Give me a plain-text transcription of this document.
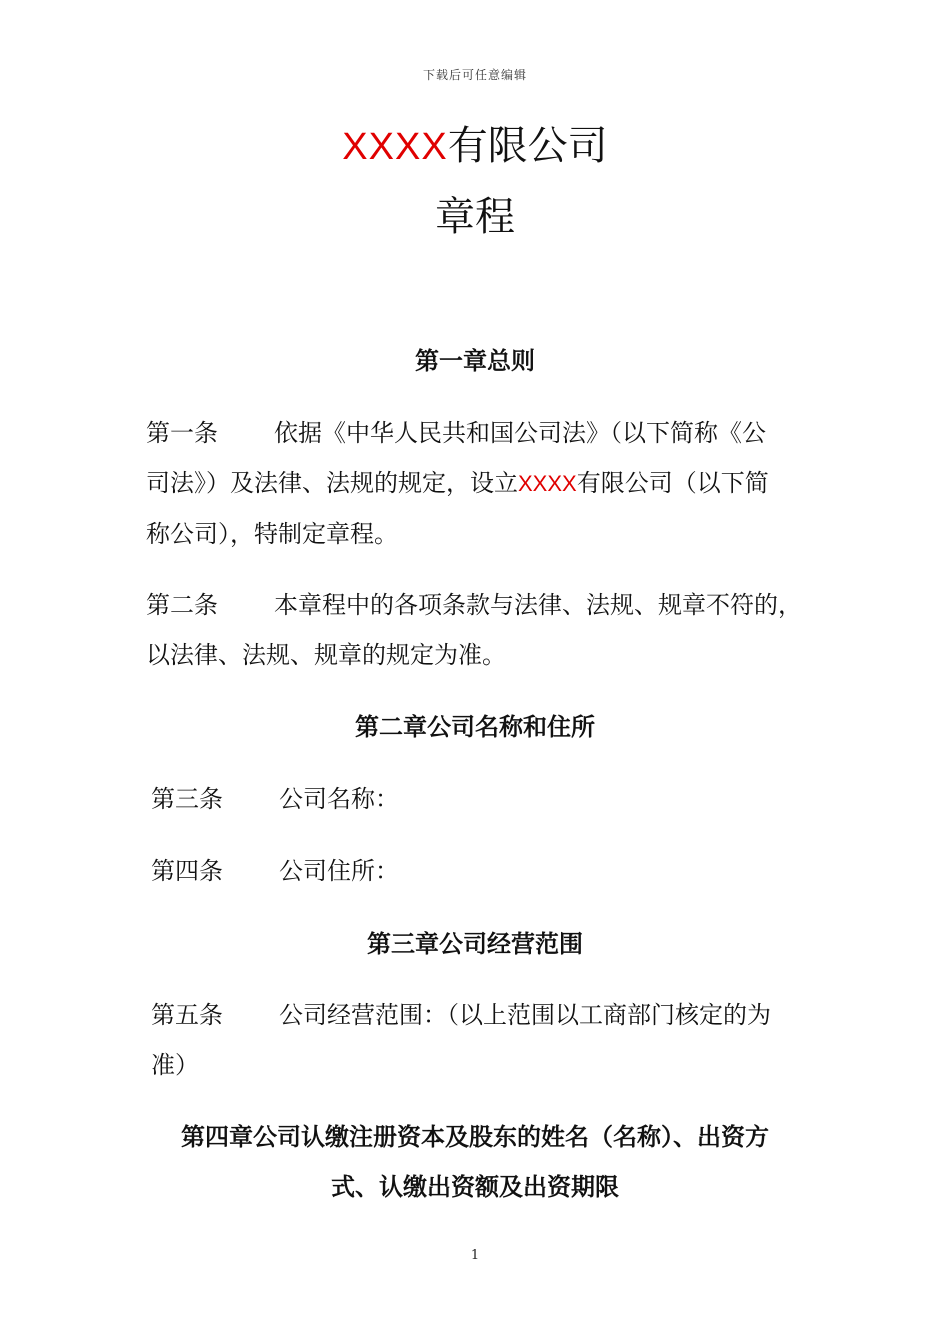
下载后可任意编辑
XXXX有限公司
章程
第一章总则
第一条 依据《中华人民共和国公司法》（以下简称《公
司法》）及法律、法规的规定，设立XXXX有限公司（以下简
称公司），特制定章程。
第二条 本章程中的各项条款与法律、法规、规章不符的，
以法律、法规、规章的规定为准。
第二章公司名称和住所
第三条 公司名称：
第四条 公司住所：
第三章公司经营范围
第五条 公司经营范围：（以上范围以工商部门核定的为
准）
第四章公司认缴注册资本及股东的姓名（名称）、出资方
式、认缴出资额及出资期限
1
